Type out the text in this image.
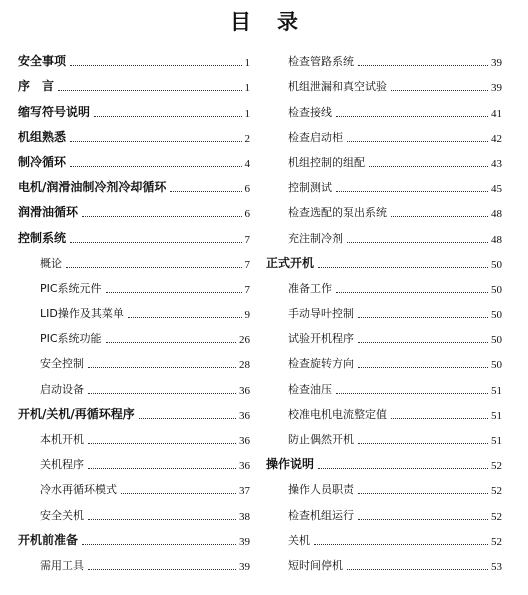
目录
安全事项	1
序　言	1
缩写符号说明	1
机组熟悉	2
制冷循环	4
电机/润滑油制冷剂冷却循环	6
润滑油循环	6
控制系统	7
概论	7
PIC系统元件	7
LID操作及其菜单	9
PIC系统功能	26
安全控制	28
启动设备	36
开机/关机/再循环程序	36
本机开机	36
关机程序	36
冷水再循环模式	37
安全关机	38
开机前准备	39
需用工具	39
检查管路系统	39
机组泄漏和真空试验	39
检查接线	41
检查启动柜	42
机组控制的组配	43
控制测试	45
检查选配的泵出系统	48
充注制冷剂	48
正式开机	50
准备工作	50
手动导叶控制	50
试验开机程序	50
检查旋转方向	50
检查油压	51
校准电机电流整定值	51
防止偶然开机	51
操作说明	52
操作人员职责	52
检查机组运行	52
关机	52
短时间停机	53
